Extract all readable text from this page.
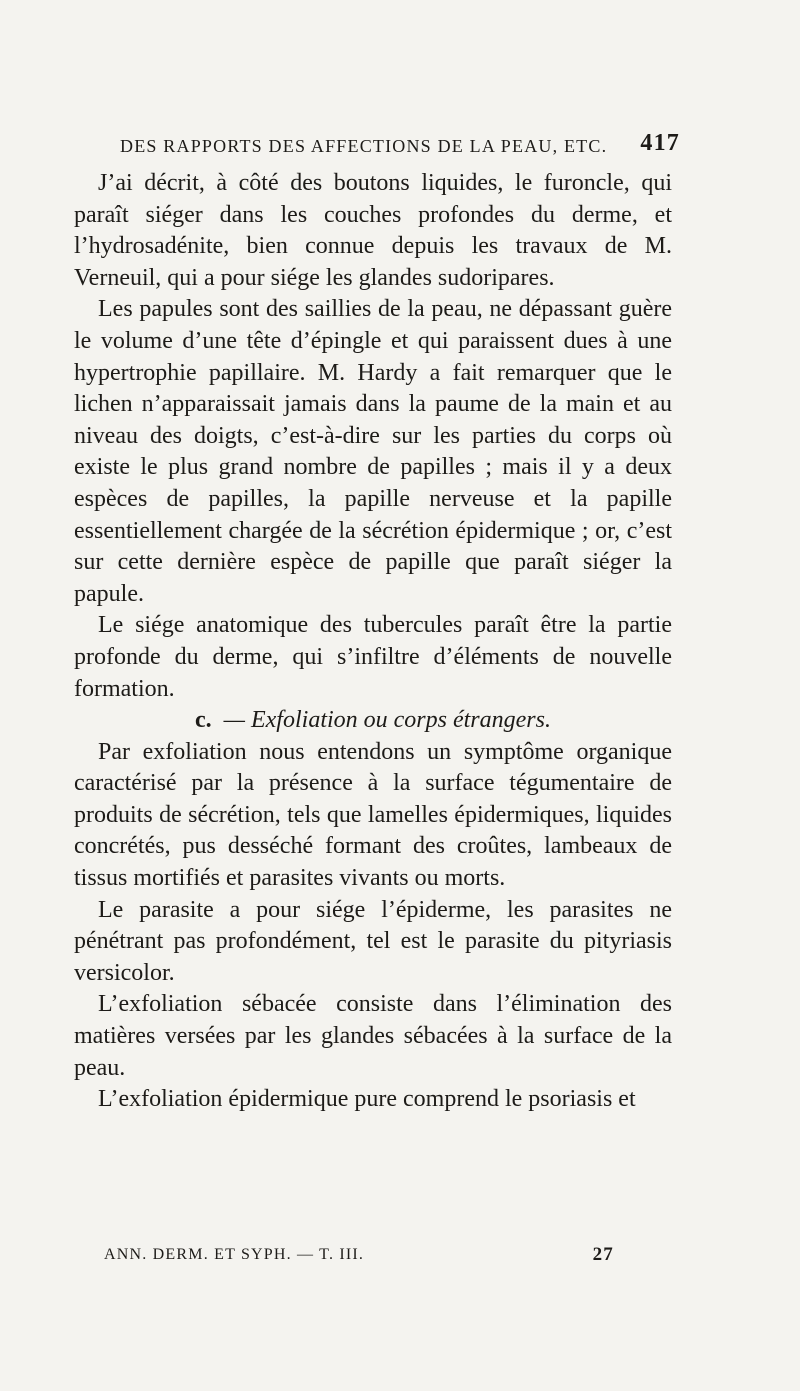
DES RAPPORTS DES AFFECTIONS DE LA PEAU, ETC. 417

J’ai décrit, à côté des boutons liquides, le furoncle, qui paraît siéger dans les couches profondes du derme, et l’hydrosadénite, bien connue depuis les travaux de M. Verneuil, qui a pour siége les glandes sudoripares.

Les papules sont des saillies de la peau, ne dépassant guère le volume d’une tête d’épingle et qui paraissent dues à une hypertrophie papillaire. M. Hardy a fait remarquer que le lichen n’apparaissait jamais dans la paume de la main et au niveau des doigts, c’est-à-dire sur les parties du corps où existe le plus grand nombre de papilles ; mais il y a deux espèces de papilles, la papille nerveuse et la papille essentiellement chargée de la sécrétion épidermique ; or, c’est sur cette dernière espèce de papille que paraît siéger la papule.

Le siége anatomique des tubercules paraît être la partie profonde du derme, qui s’infiltre d’éléments de nouvelle formation.

c. — Exfoliation ou corps étrangers.

Par exfoliation nous entendons un symptôme organique caractérisé par la présence à la surface tégumentaire de produits de sécrétion, tels que lamelles épidermiques, liquides concrétés, pus desséché formant des croûtes, lambeaux de tissus mortifiés et parasites vivants ou morts.

Le parasite a pour siége l’épiderme, les parasites ne pénétrant pas profondément, tel est le parasite du pityriasis versicolor.

L’exfoliation sébacée consiste dans l’élimination des matières versées par les glandes sébacées à la surface de la peau.

L’exfoliation épidermique pure comprend le psoriasis et

ANN. DERM. ET SYPH. — T. III.	27
